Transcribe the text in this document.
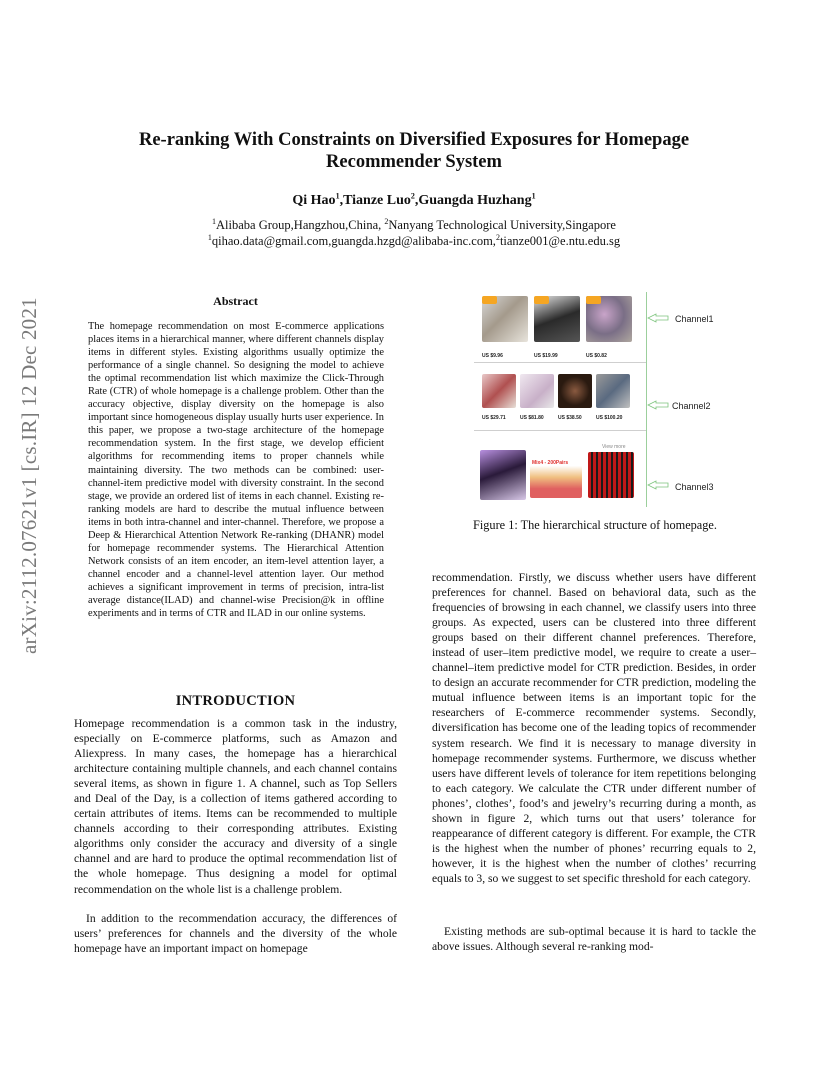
arXiv:2112.07621v1 [cs.IR] 12 Dec 2021
Re-ranking With Constraints on Diversified Exposures for Homepage
Recommender System
Qi Hao$^1$,Tianze Luo$^2$,Guangda Huzhang$^1$
$^1$Alibaba Group,Hangzhou,China, $^2$Nanyang Technological University,Singapore
$^1$qihao.data@gmail.com,guangda.hzgd@alibaba-inc.com,$^2$tianze001@e.ntu.edu.sg
Abstract
The homepage recommendation on most E-commerce applications places items in a hierarchical manner, where different channels display items in different styles. Existing algorithms usually optimize the performance of a single channel. So designing the model to achieve the optimal recommendation list which maximize the Click-Through Rate (CTR) of whole homepage is a challenge problem. Other than the accuracy objective, display diversity on the homepage is also important since homogeneous display usually hurts user experience. In this paper, we propose a two-stage architecture of the homepage recommendation system. In the first stage, we develop efficient algorithms for recommending items to proper channels while maintaining diversity. The two methods can be combined: user-channel-item predictive model with diversity constraint. In the second stage, we provide an ordered list of items in each channel. Existing re-ranking models are hard to describe the mutual influence between items in both intra-channel and inter-channel. Therefore, we propose a Deep & Hierarchical Attention Network Re-ranking (DHANR) model for homepage recommender systems. The Hierarchical Attention Network consists of an item encoder, an item-level attention layer, a channel encoder and a channel-level attention layer. Our method achieves a significant improvement in terms of precision, intra-list average distance(ILAD) and channel-wise Precision@k in offline experiments and in terms of CTR and ILAD in our online systems.
INTRODUCTION
Homepage recommendation is a common task in the industry, especially on E-commerce platforms, such as Amazon and Aliexpress. In many cases, the homepage has a hierarchical architecture containing multiple channels, and each channel contains several items, as shown in figure 1. A channel, such as Top Sellers and Deal of the Day, is a collection of items gathered according to certain attributes of items. Items can be recommended to multiple channels according to their corresponding attributes. Existing algorithms only consider the accuracy and diversity of a single channel and are hard to produce the optimal recommendation list of the whole homepage. Thus designing a model for optimal recommendation on the whole list is a challenge problem.
In addition to the recommendation accuracy, the differences of users’ preferences for channels and the diversity of the whole homepage have an important impact on homepage
US $9.96	US $19.99	US $0.82
US $29.71	US $81.80	US $38.50	US $100.20
View more
Mix4 - 200Pairs
Channel1
Channel2
Channel3
Figure 1: The hierarchical structure of homepage.
recommendation. Firstly, we discuss whether users have different preferences for channel. Based on behavioral data, such as the frequencies of browsing in each channel, we classify users into three groups. As expected, users can be clustered into three different groups based on their different channel preferences. Therefore, instead of user–item predictive model, we require to create a user–channel–item predictive model for CTR prediction. Besides, in order to design an accurate recommender for CTR prediction, modeling the mutual influence between items is an important topic for the researchers of E-commerce recommender systems. Secondly, diversification has become one of the leading topics of recommender system research. We find it is necessary to manage diversity in homepage recommender systems. Furthermore, we discuss whether users have different levels of tolerance for item repetitions belonging to each category. We calculate the CTR under different number of phones’, clothes’, food’s and jewelry’s recurring during a month, as shown in figure 2, which turns out that users’ tolerance for reappearance of different category is different. For example, the CTR is the highest when the number of phones’ recurring equals to 2, however, it is the highest when the number of clothes’ recurring equals to 3, so we suggest to set specific threshold for each category.
Existing methods are sub-optimal because it is hard to tackle the above issues. Although several re-ranking mod-
